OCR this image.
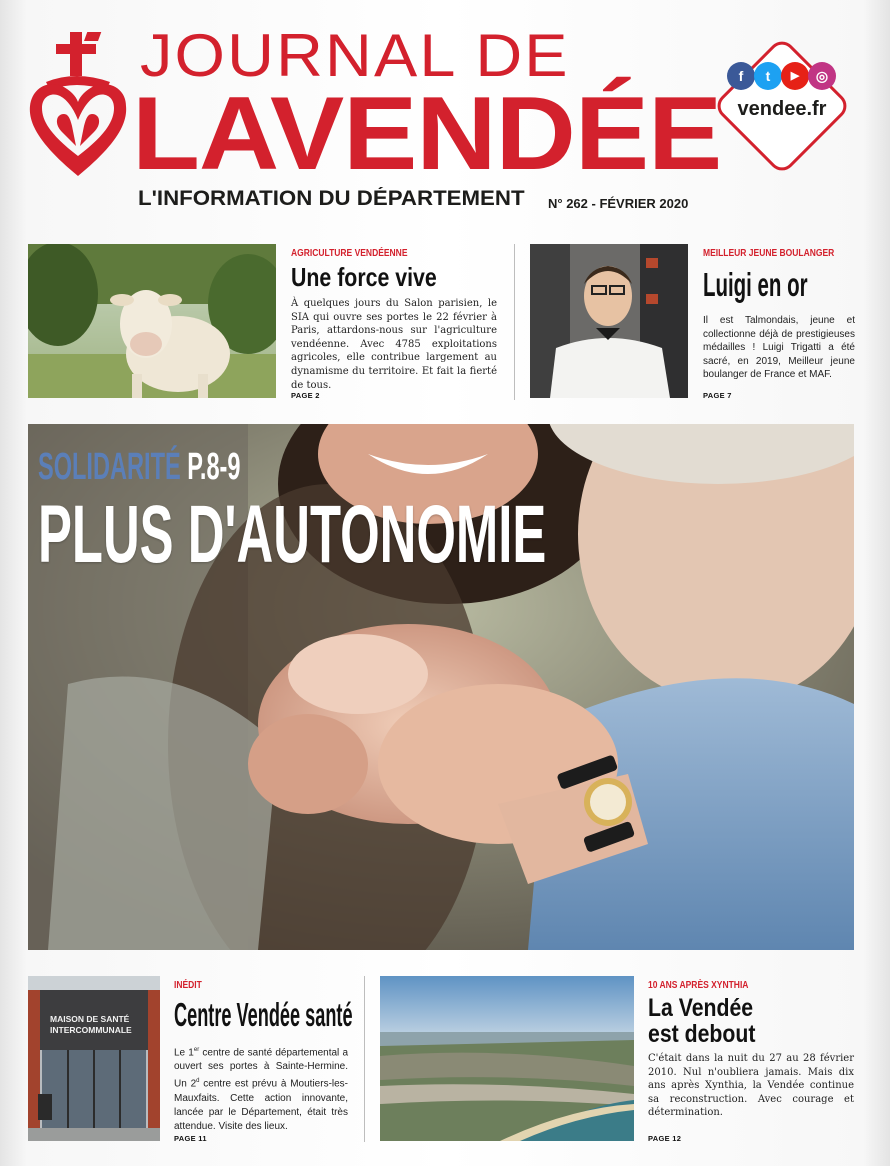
JOURNAL DE
LAVENDÉE
L'INFORMATION DU DÉPARTEMENT N° 262 - FÉVRIER 2020
f	t	▶	◎
vendee.fr
AGRICULTURE VENDÉENNE
Une force vive
À quelques jours du Salon parisien, le SIA qui ouvre ses portes le 22 février à Paris, attardons-nous sur l'agriculture vendéenne. Avec 4785 exploitations agricoles, elle contribue largement au dynamisme du territoire. Et fait la fierté de tous.
PAGE 2
MEILLEUR JEUNE BOULANGER
Luigi en or
Il est Talmondais, jeune et collectionne déjà de prestigieuses médailles ! Luigi Trigatti a été sacré, en 2019, Meilleur jeune boulanger de France et MAF.
PAGE 7
SOLIDARITÉ P.8-9
PLUS D'AUTONOMIE
MAISON DE SANTÉ
INTERCOMMUNALE
INÉDIT
Centre Vendée santé
Le 1er centre de santé départemental a ouvert ses portes à Sainte-Hermine. Un 2$^d$ centre est prévu à Moutiers-les-Mauxfaits. Cette action innovante, lancée par le Département, était très attendue. Visite des lieux.
PAGE 11
10 ANS APRÈS XYNTHIA
La Vendée
est debout
C'était dans la nuit du 27 au 28 février 2010. Nul n'oubliera jamais. Mais dix ans après Xynthia, la Vendée continue sa reconstruction. Avec courage et détermination.
PAGE 12
